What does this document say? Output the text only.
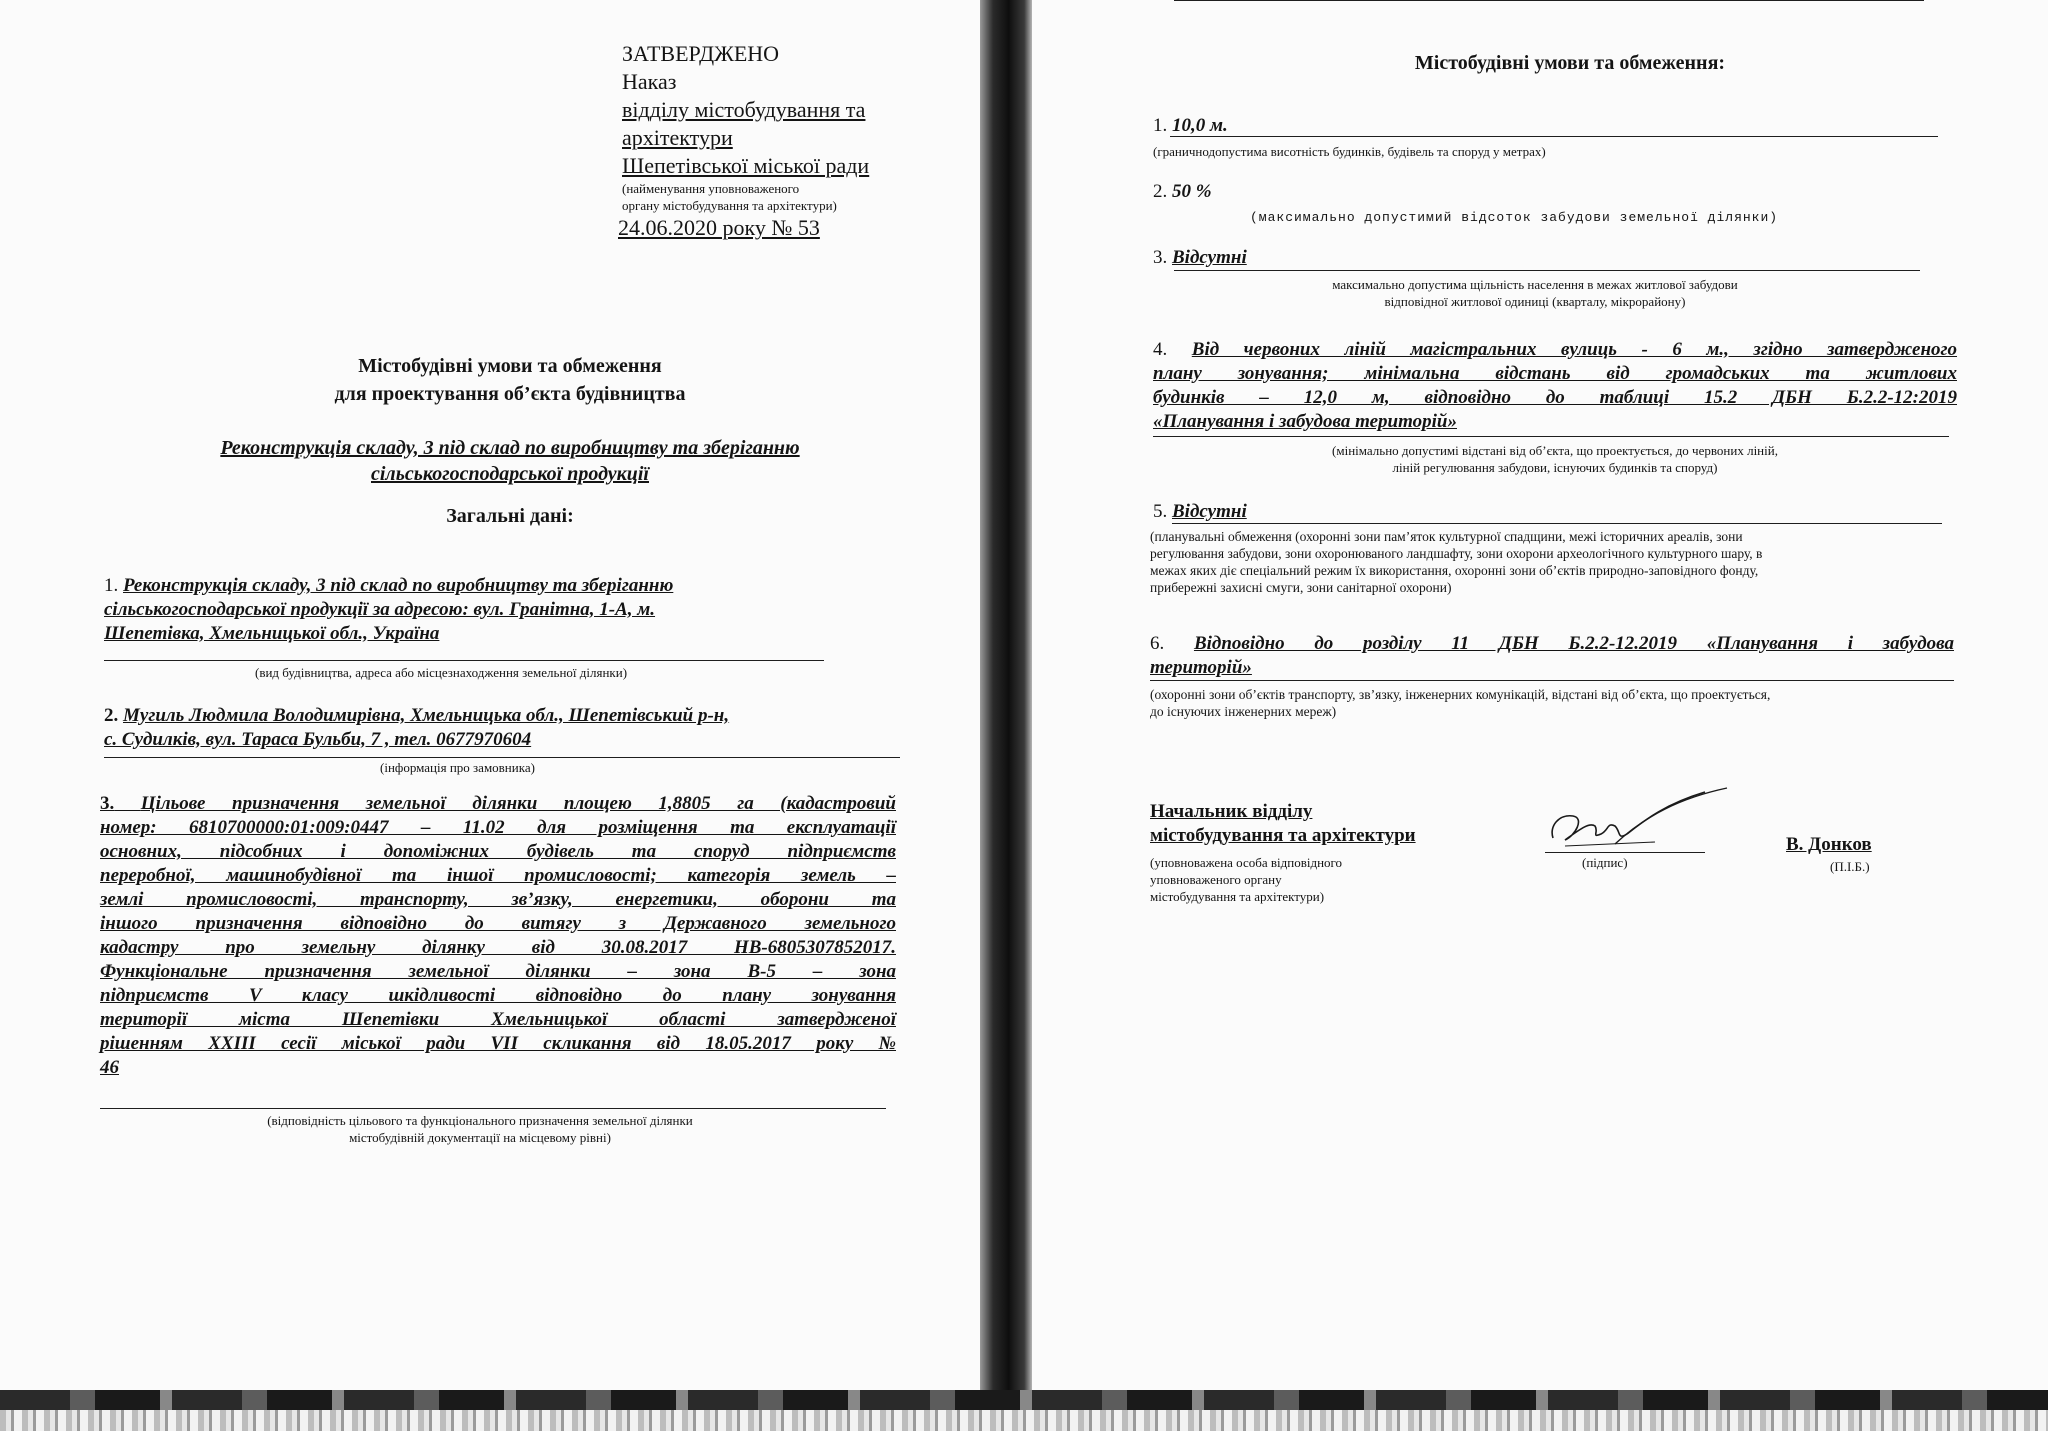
ЗАТВЕРДЖЕНО
Наказ
відділу містобудування та
архітектури
Шепетівської міської ради
(найменування уповноваженого
органу містобудування та архітектури)
24.06.2020 року № 53
Містобудівні умови та обмеження
для проектування об’єкта будівництва
Реконструкція складу, 3 під склад по виробництву та зберіганню
сільськогосподарської продукції
Загальні дані:
1. Реконструкція складу, 3 під склад по виробництву та зберіганню
сільськогосподарської продукції за адресою: вул. Гранітна, 1-А, м.
Шепетівка, Хмельницької обл., Україна
(вид будівництва, адреса або місцезнаходження земельної ділянки)
2. Мугиль Людмила Володимирівна, Хмельницька обл., Шепетівський р-н,
с. Судилків, вул. Тараса Бульби, 7 , тел. 0677970604
(інформація про замовника)
3. Цільове призначення земельної ділянки площею 1,8805 га (кадастровий
номер: 6810700000:01:009:0447 – 11.02 для розміщення та експлуатації
основних, підсобних і допоміжних будівель та споруд підприємств
переробної, машинобудівної та іншої промисловості; категорія земель –
землі промисловості, транспорту, зв’язку, енергетики, оборони та
іншого призначення відповідно до витягу з Державного земельного
кадастру про земельну ділянку від 30.08.2017 НВ-6805307852017.
Функціональне призначення земельної ділянки – зона В-5 – зона
підприємств V класу шкідливості відповідно до плану зонування
території міста Шепетівки Хмельницької області затвердженої
рішенням XXIII сесії міської ради VII скликання від 18.05.2017 року №
46
(відповідність цільового та функціонального призначення земельної ділянки
містобудівній документації на місцевому рівні)
Містобудівні умови та обмеження:
1. 10,0 м.
(граничнодопустима висотність будинків, будівель та споруд у метрах)
2. 50 %
(максимально допустимий відсоток забудови земельної ділянки)
3. Відсутні
максимально допустима щільність населення в межах житлової забудови
відповідної житлової одиниці (кварталу, мікрорайону)
4. Від червоних ліній магістральних вулиць - 6 м., згідно затвердженого
плану зонування; мінімальна відстань від громадських та житлових
будинків – 12,0 м, відповідно до таблиці 15.2 ДБН Б.2.2-12:2019
«Планування і забудова територій»
(мінімально допустимі відстані від об’єкта, що проектується, до червоних ліній,
ліній регулювання забудови, існуючих будинків та споруд)
5. Відсутні
(планувальні обмеження (охоронні зони пам’яток культурної спадщини, межі історичних ареалів, зони
регулювання забудови, зони охоронюваного ландшафту, зони охорони археологічного культурного шару, в
межах яких діє спеціальний режим їх використання, охоронні зони об’єктів природно-заповідного фонду,
прибережні захисні смуги, зони санітарної охорони)
6. Відповідно до розділу 11 ДБН Б.2.2-12.2019 «Планування і забудова
територій»
(охоронні зони об’єктів транспорту, зв’язку, інженерних комунікацій, відстані від об’єкта, що проектується,
до існуючих інженерних мереж)
Начальник відділу
містобудування та архітектури
(уповноважена особа відповідного
уповноваженого органу
містобудування та архітектури)
(підпис)
В. Донков
(П.І.Б.)
